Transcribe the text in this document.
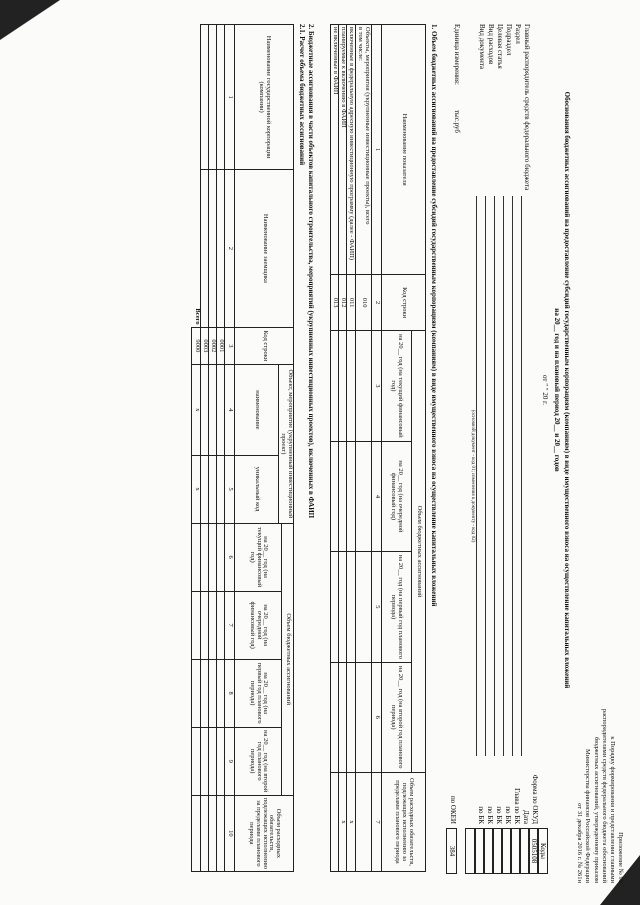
Приложение № 99
к Порядку формирования и представления главными
распорядителями средств федерального бюджета обоснований
бюджетных ассигнований, утвержденному приказом
Министерства финансов Российской Федерации
от 31 декабря 2016 г. № 261н
Обоснования бюджетных ассигнований на предоставление субсидий государственным корпорациям (компаниям) в виде имущественного взноса на осуществление капитальных вложений
на 20__ год и на плановый период 20__ и 20__ годов
от " " 20 г.
Коды
0505108
384
Форма по ОКУД
Дата
Глава по БК
по БК
по БК
по БК
по БК
по ОКЕИ
Главный распорядитель средств федерального бюджета
Раздел
Подраздел
Целевая статья
Вид расходов
Вид документа
(основной документ - код 01; изменения к документу - код 02)
Единица измерения:
тыс.руб
1. Объем бюджетных ассигнований на предоставление субсидий государственным корпорациям (компаниям) в виде имущественного взноса на осуществление капитальных вложений
Наименование показателя	Код строки	Объем бюджетных ассигнований				Объем расходных обязательств, подлежащих исполнению за пределами планового периода
		на 20__ год (на текущий финансовый год)	на 20__ год (на очередной финансовый год)	на 20__ год (на первый год планового периода)	на 20__ год (на второй год планового периода)	
1	2	3	4	5	6	7

Объекты, мероприятия (укрупненные инвестиционные проекты), всего
в том числе:	010					
включенные в федеральную адресную инвестиционную программу (далее - ФАИП)	011					x
планируемые к включению в ФАИП	012					x
не включенные в ФАИП	013					
2. Бюджетные ассигнования в части объектов капитального строительства, мероприятий (укрупненных инвестиционных проектов), включенных в ФАИП
2.1. Расчет объема бюджетных ассигнований
Наименование государственной корпорации (компании)	Наименование заемщика	Код строки	Объект, мероприятие (укрупненный инвестиционный проект)		Объем бюджетных ассигнований				Объем расходных обязательств, подлежащих исполнению за пределами планового периода
					на 20__ год (на текущий финансовый год)	на 20__ год (на очередной финансовый год)	на 20__ год (на первый год планового периода)	на 20__ год (на второй год планового периода)	
			наименование	уникальный код					
1	2	3	4	5	6	7	8	9	10
		0001							
		0002							
		0003							
Всего		9000	x	x					
